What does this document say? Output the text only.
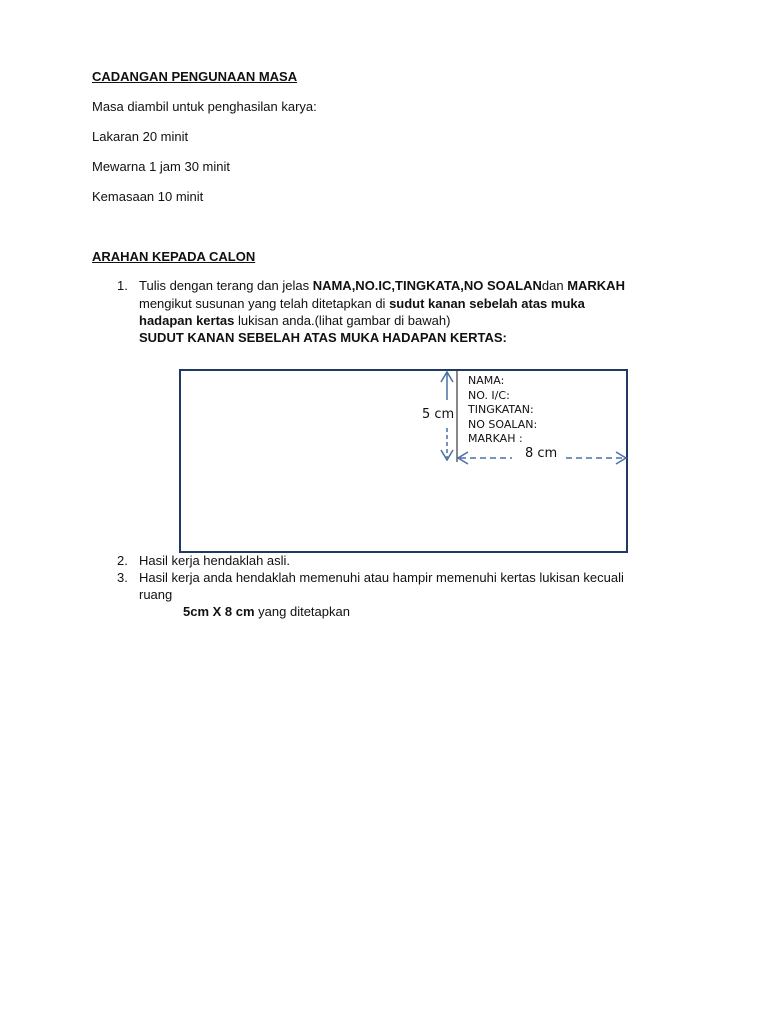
CADANGAN PENGUNAAN MASA
Masa diambil untuk penghasilan karya:
Lakaran 20 minit
Mewarna 1 jam 30 minit
Kemasaan 10 minit
ARAHAN KEPADA CALON
1. Tulis dengan terang dan jelas NAMA,NO.IC,TINGKATA,NO SOALANdan MARKAH
mengikut susunan yang telah ditetapkan di sudut kanan sebelah atas muka
hadapan kertas lukisan anda.(lihat gambar di bawah)
SUDUT KANAN SEBELAH ATAS MUKA HADAPAN KERTAS:
5 cm
8 cm
NAMA:
NO. I/C:
TINGKATAN:
NO SOALAN:
MARKAH :
2. Hasil kerja hendaklah asli.
3. Hasil kerja anda hendaklah memenuhi atau hampir memenuhi kertas lukisan kecuali
ruang
5cm X 8 cm yang ditetapkan
